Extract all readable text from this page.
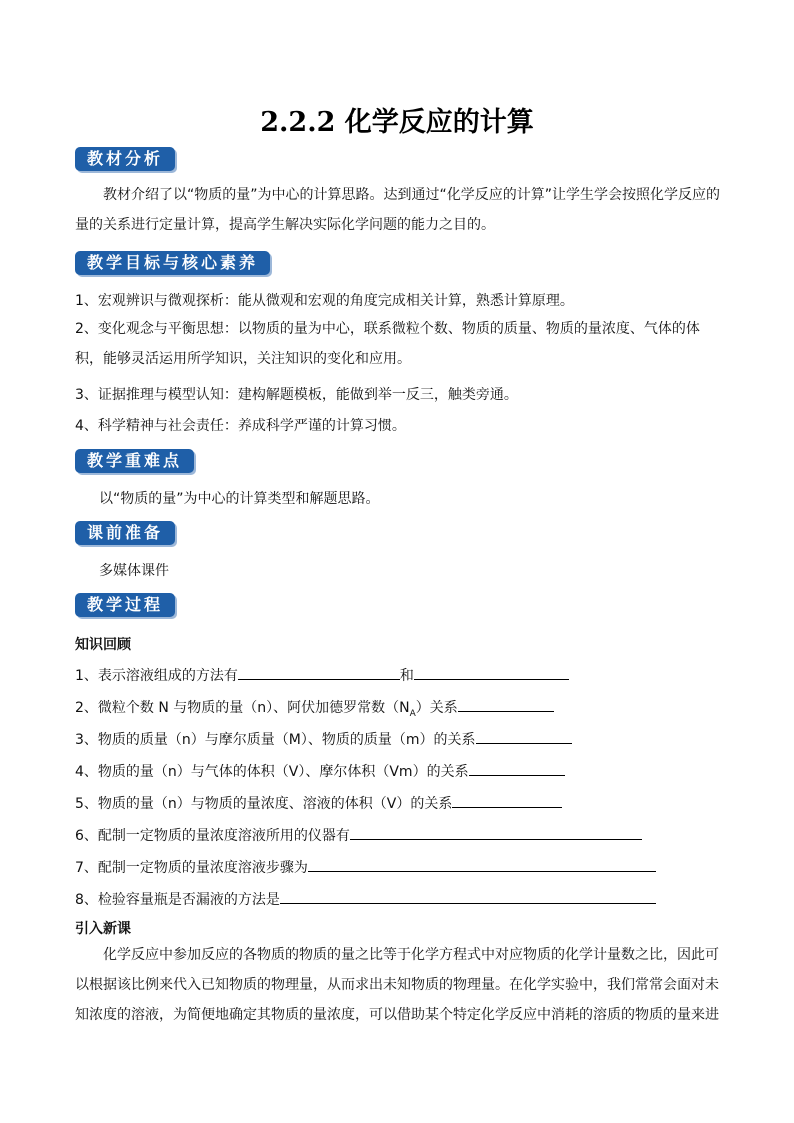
2.2.2 化学反应的计算
教材分析

教材介绍了以“物质的量”为中心的计算思路。达到通过“化学反应的计算”让学生学会按照化学反应的量的关系进行定量计算，提高学生解决实际化学问题的能力之目的。

教学目标与核心素养
1、宏观辨识与微观探析：能从微观和宏观的角度完成相关计算，熟悉计算原理。

2、变化观念与平衡思想：以物质的量为中心，联系微粒个数、物质的质量、物质的量浓度、气体的体积，能够灵活运用所学知识，关注知识的变化和应用。

3、证据推理与模型认知：建构解题模板，能做到举一反三，触类旁通。
4、科学精神与社会责任：养成科学严谨的计算习惯。
教学重难点
以“物质的量”为中心的计算类型和解题思路。
课前准备
多媒体课件
教学过程
知识回顾
1、表示溶液组成的方法有	和
2、微粒个数 N 与物质的量（n）、阿伏加德罗常数$(N_A)$关系
3、物质的质量（n）与摩尔质量（M）、物质的质量（m）的关系
4、物质的量（n）与气体的体积（V）、摩尔体积（Vm）的关系
5、物质的量（n）与物质的量浓度、溶液的体积（V）的关系
6、配制一定物质的量浓度溶液所用的仪器有
7、配制一定物质的量浓度溶液步骤为
8、检验容量瓶是否漏液的方法是
引入新课

化学反应中参加反应的各物质的物质的量之比等于化学方程式中对应物质的化学计量数之比，因此可以根据该比例来代入已知物质的物理量，从而求出未知物质的物理量。在化学实验中，我们常常会面对未知浓度的溶液，为简便地确定其物质的量浓度，可以借助某个特定化学反应中消耗的溶质的物质的量来进
